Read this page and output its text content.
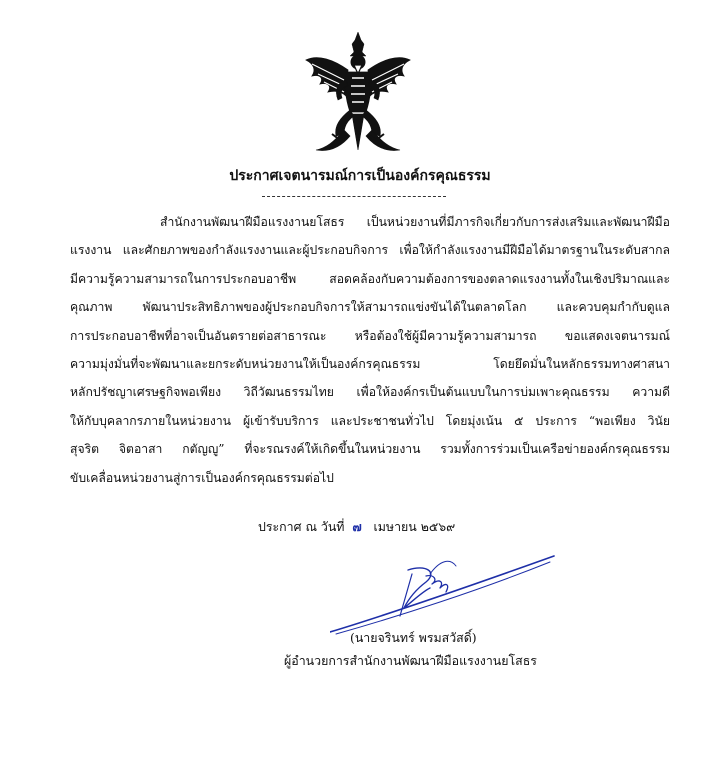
ประกาศเจตนารมณ์การเป็นองค์กรคุณธรรม
สำนักงานพัฒนาฝีมือแรงงานยโสธร เป็นหน่วยงานที่มีภารกิจเกี่ยวกับการส่งเสริมและพัฒนาฝีมือ
แรงงาน และศักยภาพของกำลังแรงงานและผู้ประกอบกิจการ เพื่อให้กำลังแรงงานมีฝีมือได้มาตรฐานในระดับสากล
มีความรู้ความสามารถในการประกอบอาชีพ สอดคล้องกับความต้องการของตลาดแรงงานทั้งในเชิงปริมาณและ
คุณภาพ พัฒนาประสิทธิภาพของผู้ประกอบกิจการให้สามารถแข่งขันได้ในตลาดโลก และควบคุมกำกับดูแล
การประกอบอาชีพที่อาจเป็นอันตรายต่อสาธารณะ หรือต้องใช้ผู้มีความรู้ความสามารถ ขอแสดงเจตนารมณ์
ความมุ่งมั่นที่จะพัฒนาและยกระดับหน่วยงานให้เป็นองค์กรคุณธรรม โดยยึดมั่นในหลักธรรมทางศาสนา
หลักปรัชญาเศรษฐกิจพอเพียง วิถีวัฒนธรรมไทย เพื่อให้องค์กรเป็นต้นแบบในการบ่มเพาะคุณธรรม ความดี
ให้กับบุคลากรภายในหน่วยงาน ผู้เข้ารับบริการ และประชาชนทั่วไป โดยมุ่งเน้น ๕ ประการ “พอเพียง วินัย
สุจริต จิตอาสา กตัญญู” ที่จะรณรงค์ให้เกิดขึ้นในหน่วยงาน รวมทั้งการร่วมเป็นเครือข่ายองค์กรคุณธรรม
ขับเคลื่อนหน่วยงานสู่การเป็นองค์กรคุณธรรมต่อไป
ประกาศ ณ วันที่ ๗ เมษายน ๒๕๖๙
(นายจรินทร์ พรมสวัสดิ์)
ผู้อำนวยการสำนักงานพัฒนาฝีมือแรงงานยโสธร
